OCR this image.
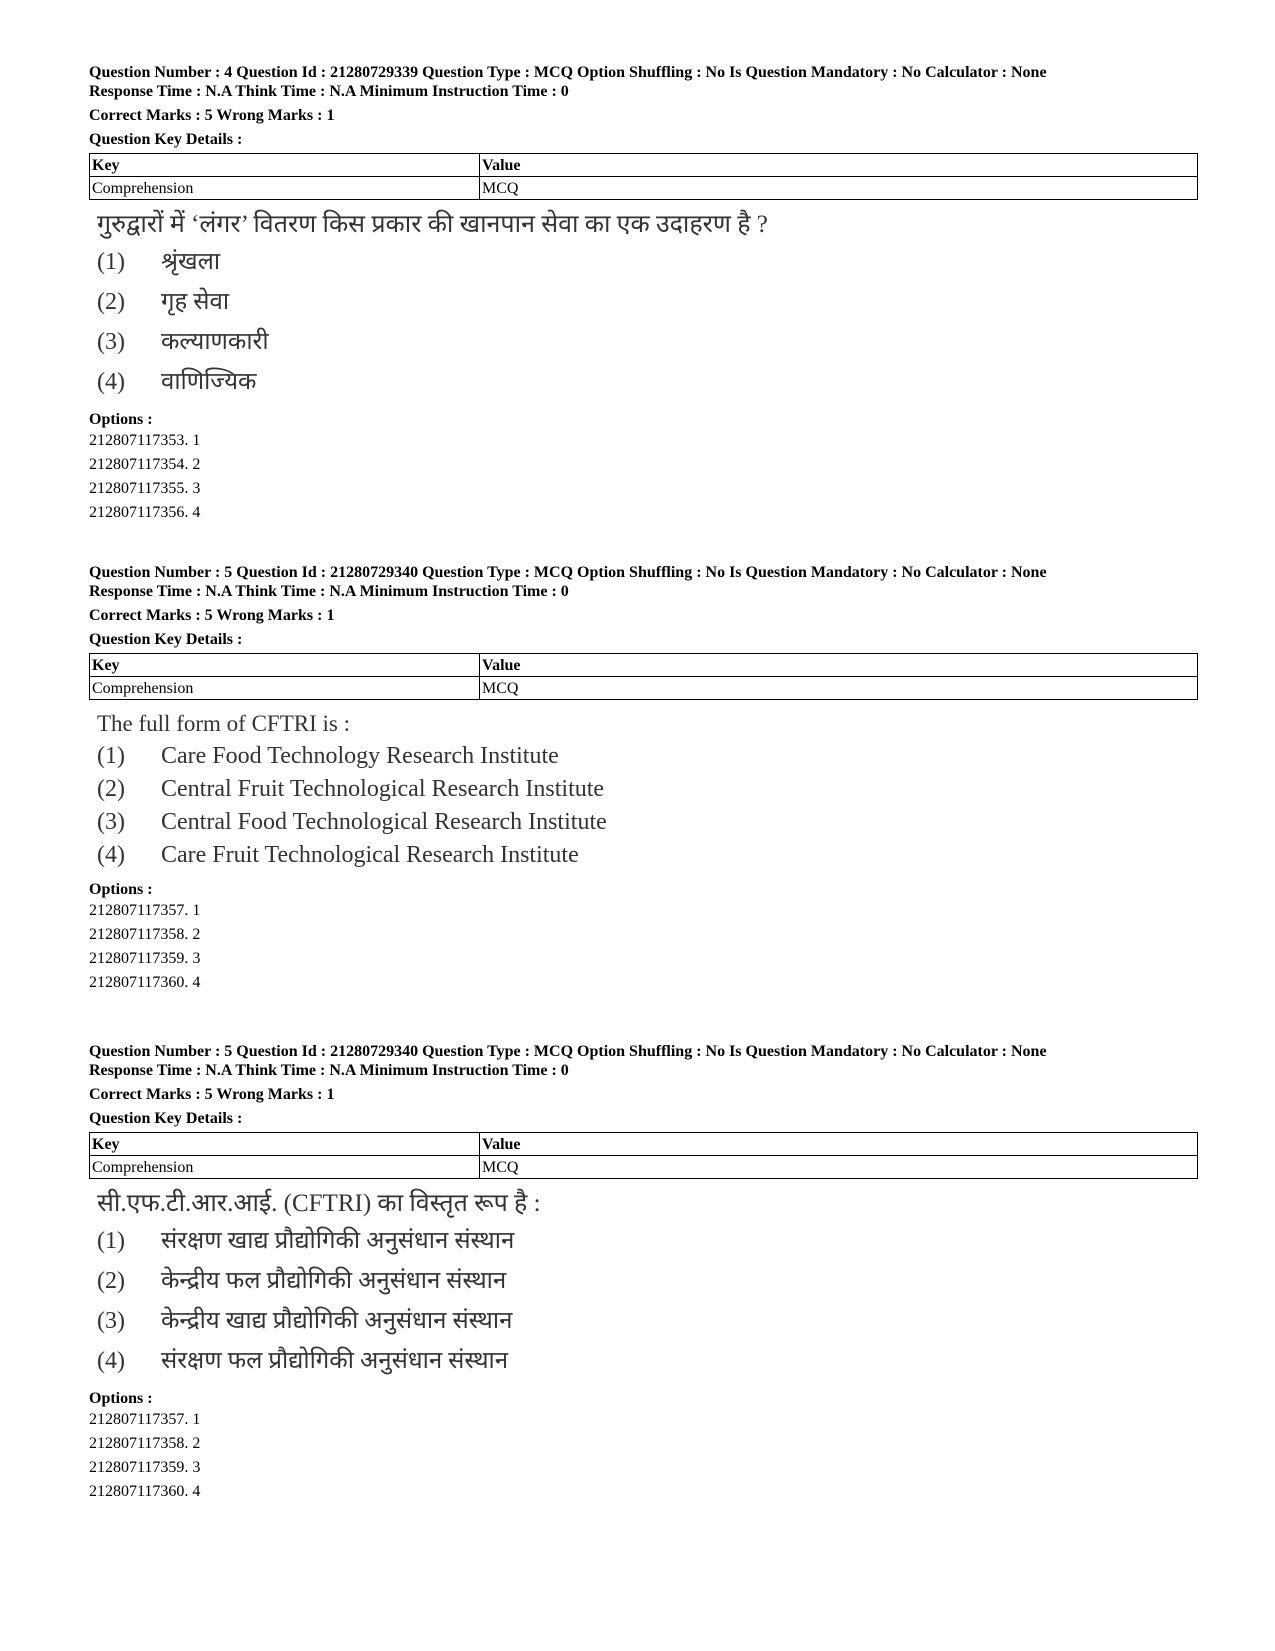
Question Number : 4 Question Id : 21280729339 Question Type : MCQ Option Shuffling : No Is Question Mandatory : No Calculator : None
Response Time : N.A Think Time : N.A Minimum Instruction Time : 0
Correct Marks : 5 Wrong Marks : 1
Question Key Details :
Key	Value
Comprehension	MCQ
गुरुद्वारों में ‘लंगर’ वितरण किस प्रकार की खानपान सेवा का एक उदाहरण है ?
(1)	श्रृंखला
(2)	गृह सेवा
(3)	कल्याणकारी
(4)	वाणिज्यिक
Options :
212807117353. 1
212807117354. 2
212807117355. 3
212807117356. 4
Question Number : 5 Question Id : 21280729340 Question Type : MCQ Option Shuffling : No Is Question Mandatory : No Calculator : None
Response Time : N.A Think Time : N.A Minimum Instruction Time : 0
Correct Marks : 5 Wrong Marks : 1
Question Key Details :
Key	Value
Comprehension	MCQ
The full form of CFTRI is :
(1)	Care Food Technology Research Institute
(2)	Central Fruit Technological Research Institute
(3)	Central Food Technological Research Institute
(4)	Care Fruit Technological Research Institute
Options :
212807117357. 1
212807117358. 2
212807117359. 3
212807117360. 4
Question Number : 5 Question Id : 21280729340 Question Type : MCQ Option Shuffling : No Is Question Mandatory : No Calculator : None
Response Time : N.A Think Time : N.A Minimum Instruction Time : 0
Correct Marks : 5 Wrong Marks : 1
Question Key Details :
Key	Value
Comprehension	MCQ
सी.एफ.टी.आर.आई. (CFTRI) का विस्तृत रूप है :
(1)	संरक्षण खाद्य प्रौद्योगिकी अनुसंधान संस्थान
(2)	केन्द्रीय फल प्रौद्योगिकी अनुसंधान संस्थान
(3)	केन्द्रीय खाद्य प्रौद्योगिकी अनुसंधान संस्थान
(4)	संरक्षण फल प्रौद्योगिकी अनुसंधान संस्थान
Options :
212807117357. 1
212807117358. 2
212807117359. 3
212807117360. 4
